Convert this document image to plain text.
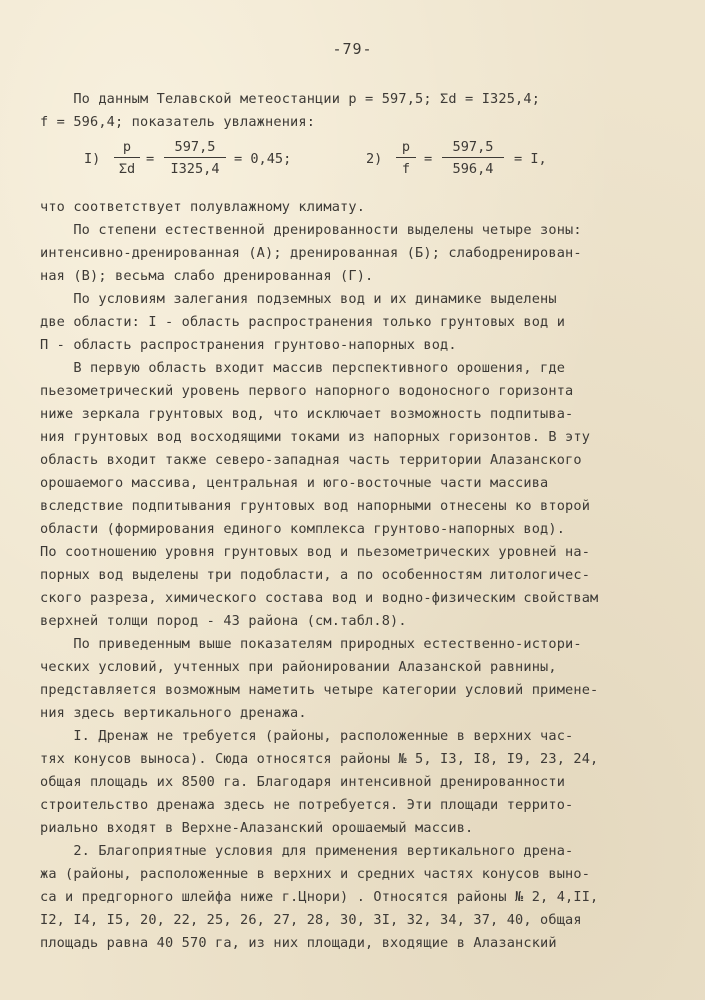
-79-
По данным Телавской метеостанции p = 597,5; Σd = I325,4;
f = 596,4; показатель увлажнения:
I)
p
Σd
=
597,5
I325,4
= 0,45;	2)
p
f
=
597,5
596,4
= I,
что соответствует полувлажному климату.
По степени естественной дренированности выделены четыре зоны:
интенсивно-дренированная (А); дренированная (Б); слабодренирован-
ная (В); весьма слабо дренированная (Г).
По условиям залегания подземных вод и их динамике выделены
две области: I - область распространения только грунтовых вод и
П - область распространения грунтово-напорных вод.
В первую область входит массив перспективного орошения, где
пьезометрический уровень первого напорного водоносного горизонта
ниже зеркала грунтовых вод, что исключает возможность подпитыва-
ния грунтовых вод восходящими токами из напорных горизонтов. В эту
область входит также северо-западная часть территории Алазанского
орошаемого массива, центральная и юго-восточные части массива
вследствие подпитывания грунтовых вод напорными отнесены ко второй
области (формирования единого комплекса грунтово-напорных вод).
По соотношению уровня грунтовых вод и пьезометрических уровней на-
порных вод выделены три подобласти, а по особенностям литологичес-
ского разреза, химического состава вод и водно-физическим свойствам
верхней толщи пород - 43 района (см.табл.8).
По приведенным выше показателям природных естественно-истори-
ческих условий, учтенных при районировании Алазанской равнины,
представляется возможным наметить четыре категории условий примене-
ния здесь вертикального дренажа.
I. Дренаж не требуется (районы, расположенные в верхних час-
тях конусов выноса). Сюда относятся районы № 5, I3, I8, I9, 23, 24,
общая площадь их 8500 га. Благодаря интенсивной дренированности
строительство дренажа здесь не потребуется. Эти площади террито-
риально входят в Верхне-Алазанский орошаемый массив.
2. Благоприятные условия для применения вертикального дрена-
жа (районы, расположенные в верхних и средних частях конусов выно-
са и предгорного шлейфа ниже г.Цнори) . Относятся районы № 2, 4,II,
I2, I4, I5, 20, 22, 25, 26, 27, 28, 30, 3I, 32, 34, 37, 40, общая
площадь равна 40 570 га, из них площади, входящие в Алазанский
